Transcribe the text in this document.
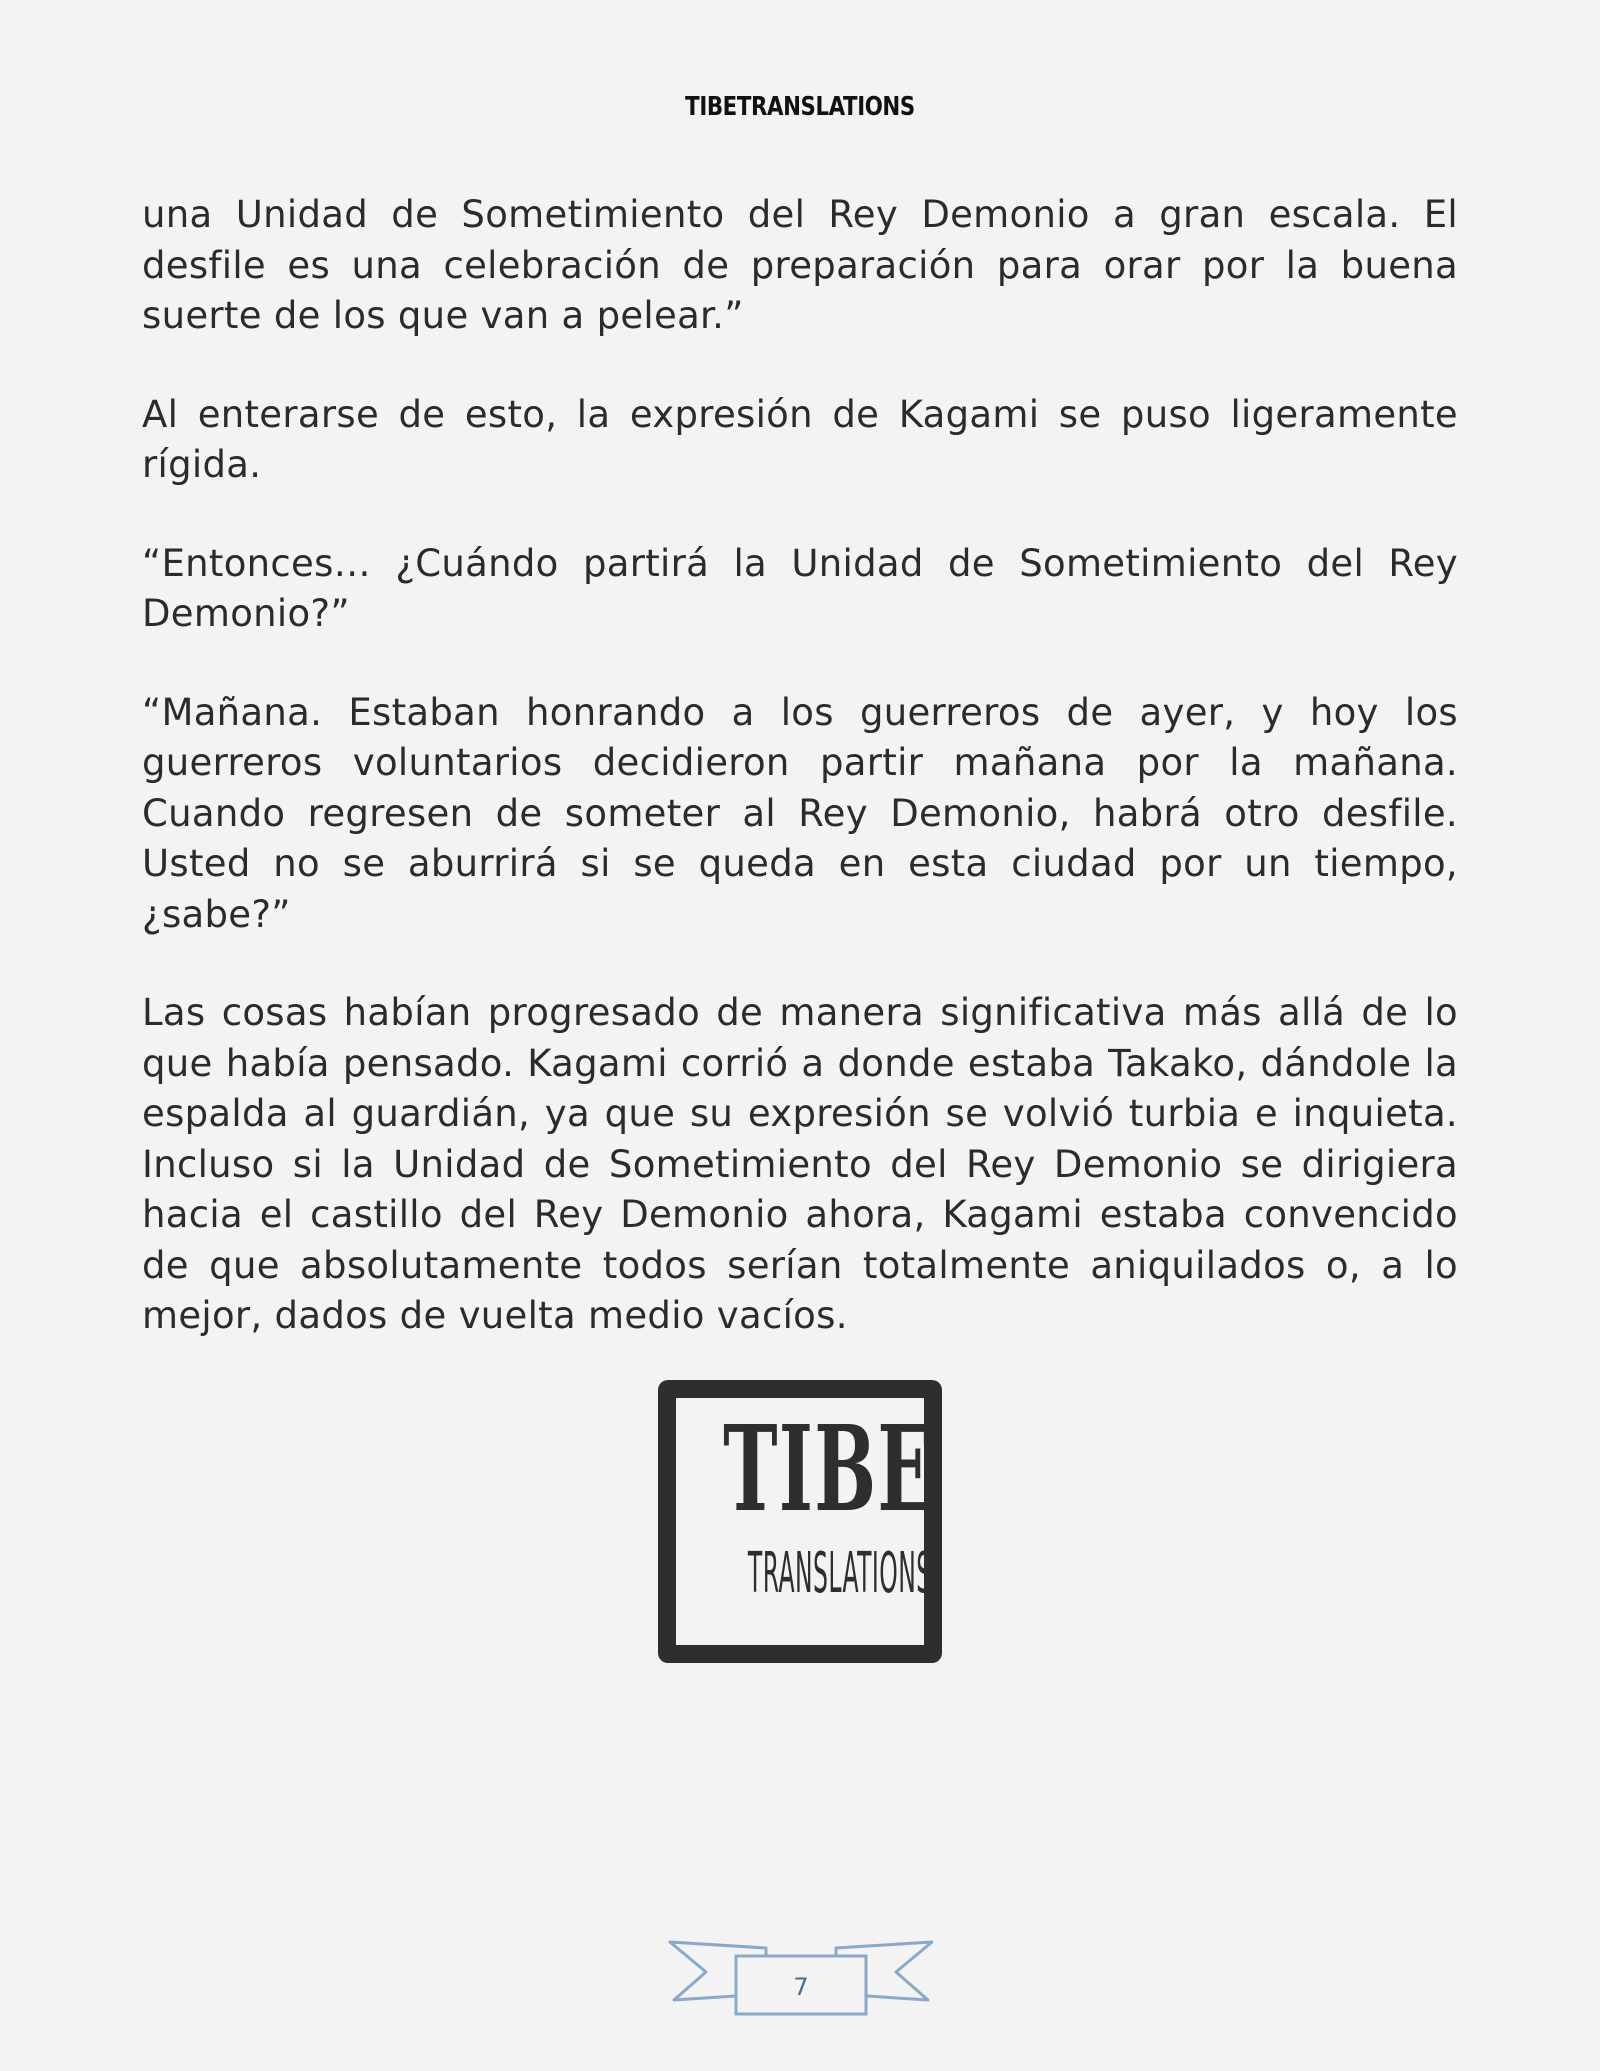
TIBETRANSLATIONS

una Unidad de Sometimiento del Rey Demonio a gran escala. El desfile es una celebración de preparación para orar por la buena suerte de los que van a pelear.”

Al enterarse de esto, la expresión de Kagami se puso ligeramente rígida.

“Entonces… ¿Cuándo partirá la Unidad de Sometimiento del Rey Demonio?”

“Mañana. Estaban honrando a los guerreros de ayer, y hoy los guerreros voluntarios decidieron partir mañana por la mañana. Cuando regresen de someter al Rey Demonio, habrá otro desfile. Usted no se aburrirá si se queda en esta ciudad por un tiempo, ¿sabe?”

Las cosas habían progresado de manera significativa más allá de lo que había pensado. Kagami corrió a donde estaba Takako, dándole la espalda al guardián, ya que su expresión se volvió turbia e inquieta. Incluso si la Unidad de Sometimiento del Rey Demonio se dirigiera hacia el castillo del Rey Demonio ahora, Kagami estaba convencido de que absolutamente todos serían totalmente aniquilados o, a lo mejor, dados de vuelta medio vacíos.

TIBE
TRANSLATIONS
7
